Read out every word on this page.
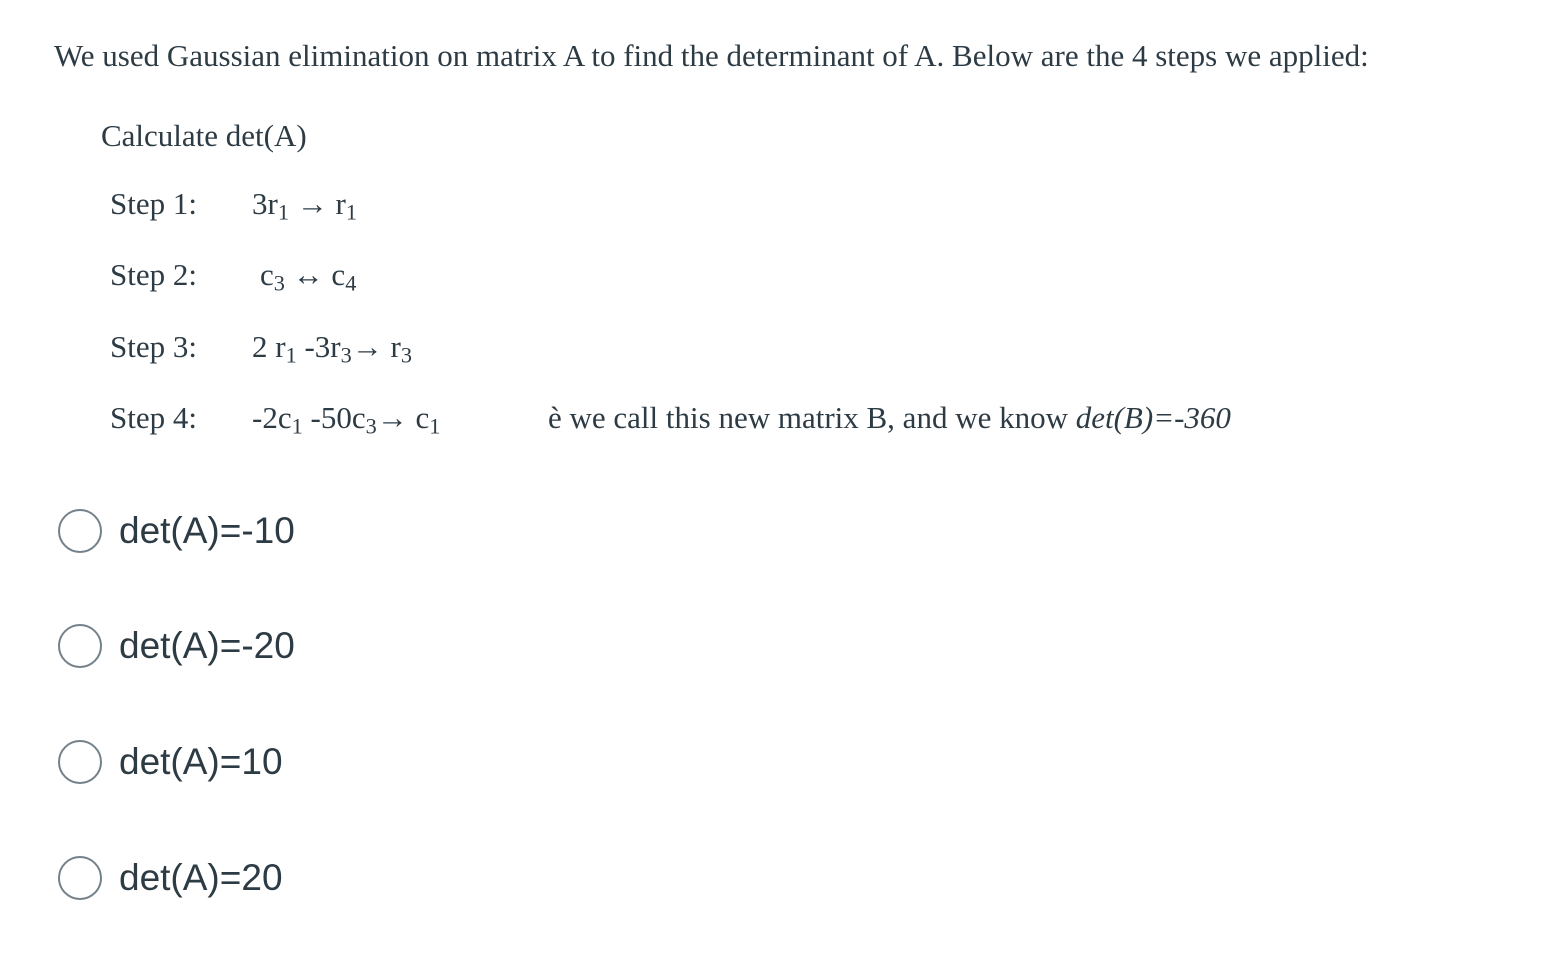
We used Gaussian elimination on matrix A to find the determinant of A. Below are the 4 steps we applied:
Calculate det(A)
Step 1: $3r_1 \to r_1$
Step 2: $c_3$ ↔ $c_4$
Step 3: 2 $r_1$ $-3r_3\to r_3$
Step 4: $-2c_1$ $-50c_3\to c_1$	è we call this new matrix B, and we know det(B)=-360
det(A)=-10
det(A)=-20
det(A)=10
det(A)=20
